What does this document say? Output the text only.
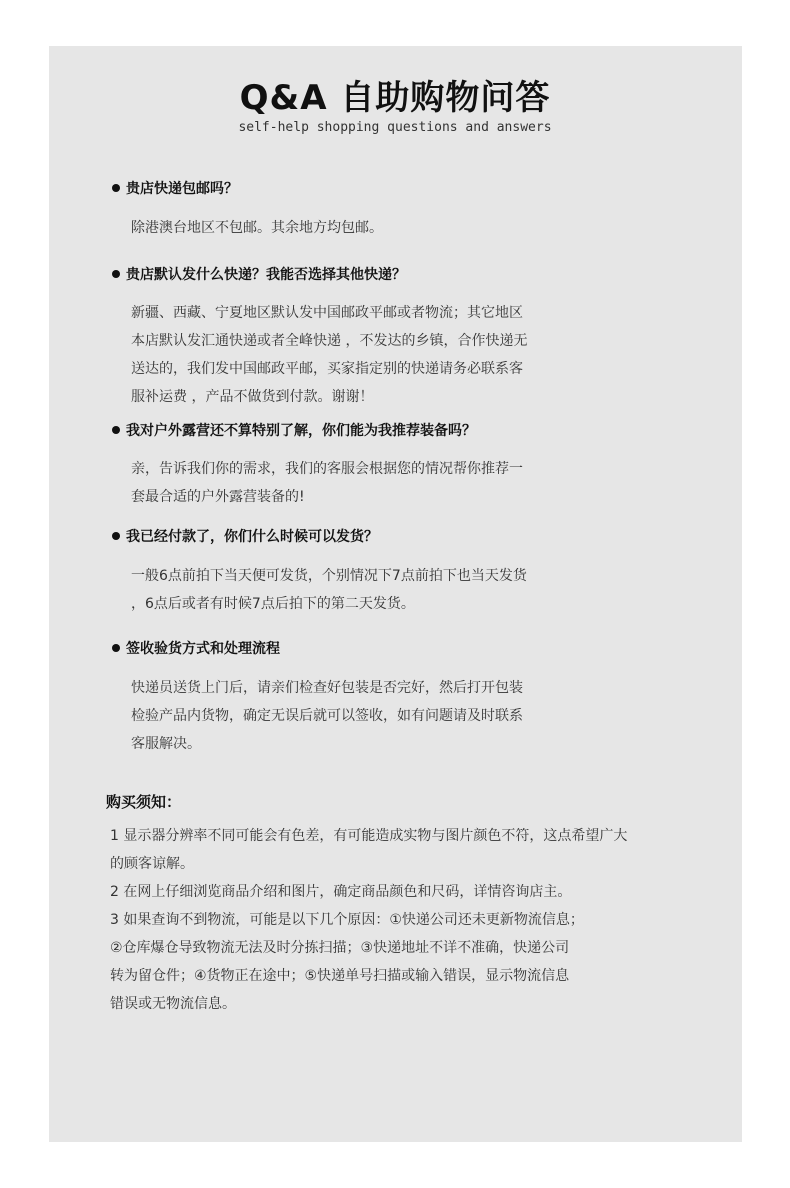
Q&A 自助购物问答
self-help shopping questions and answers
贵店快递包邮吗？
除港澳台地区不包邮。其余地方均包邮。
贵店默认发什么快递？我能否选择其他快递？
新疆、西藏、宁夏地区默认发中国邮政平邮或者物流；其它地区
本店默认发汇通快递或者全峰快递 ，不发达的乡镇，合作快递无
送达的，我们发中国邮政平邮，买家指定别的快递请务必联系客
服补运费 ，产品不做货到付款。谢谢！
我对户外露营还不算特别了解，你们能为我推荐装备吗？
亲，告诉我们你的需求，我们的客服会根据您的情况帮你推荐一
套最合适的户外露营装备的!
我已经付款了，你们什么时候可以发货？
一般6点前拍下当天便可发货，个别情况下7点前拍下也当天发货
，6点后或者有时候7点后拍下的第二天发货。
签收验货方式和处理流程
快递员送货上门后，请亲们检查好包装是否完好，然后打开包装
检验产品内货物，确定无误后就可以签收，如有问题请及时联系
客服解决。
购买须知：
1 显示器分辨率不同可能会有色差，有可能造成实物与图片颜色不符，这点希望广大
的顾客谅解。
2 在网上仔细浏览商品介绍和图片，确定商品颜色和尺码，详情咨询店主。
3 如果查询不到物流，可能是以下几个原因：①快递公司还未更新物流信息；
②仓库爆仓导致物流无法及时分拣扫描；③快递地址不详不准确，快递公司
转为留仓件；④货物正在途中；⑤快递单号扫描或输入错误，显示物流信息
错误或无物流信息。
